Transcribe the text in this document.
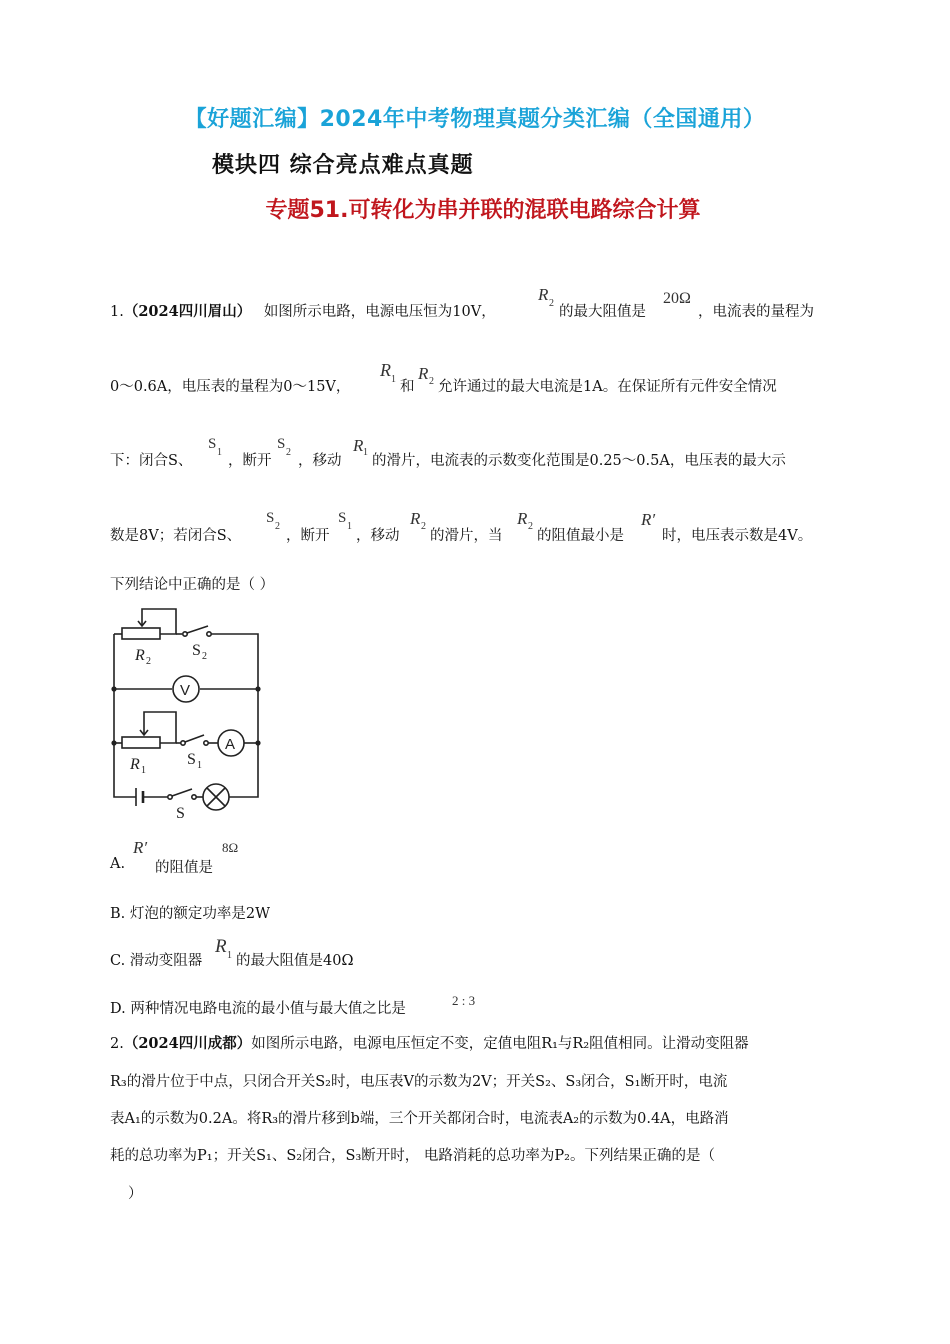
【好题汇编】2024年中考物理真题分类汇编（全国通用）
模块四 综合亮点难点真题
专题51.可转化为串并联的混联电路综合计算
1.（2024四川眉山） 如图所示电路，电源电压恒为10V，
R 2
的最大阻值是
20Ω
，电流表的量程为
0～0.6A，电压表的量程为0～15V，
R 1 和
R 2 允许通过的最大电流是1A。在保证所有元件安全情况
下：闭合S、
S
1
，断开
S
2
，移动
R 1
的滑片，电流表的示数变化范围是0.25～0.5A，电压表的最大示
数是8V；若闭合S、
S
2
，断开
S
1
，移动
R 2
的滑片，当
R 2
的阻值最小是
R′
时，电压表示数是4V。
下列结论中正确的是（ ）
R 2
S 2
V
A
R 1
S 1
S
A.
R′
的阻值是
8Ω
B. 灯泡的额定功率是2W
C. 滑动变阻器
R 1 的最大阻值是40Ω
D. 两种情况电路电流的最小值与最大值之比是
2 : 3
2.（2024四川成都）如图所示电路，电源电压恒定不变，定值电阻R₁与R₂阻值相同。让滑动变阻器
R₃的滑片位于中点，只闭合开关S₂时，电压表V的示数为2V；开关S₂、S₃闭合，S₁断开时，电流
表A₁的示数为0.2A。将R₃的滑片移到b端，三个开关都闭合时，电流表A₂的示数为0.4A，电路消
耗的总功率为P₁；开关S₁、S₂闭合，S₃断开时， 电路消耗的总功率为P₂。下列结果正确的是（
）
